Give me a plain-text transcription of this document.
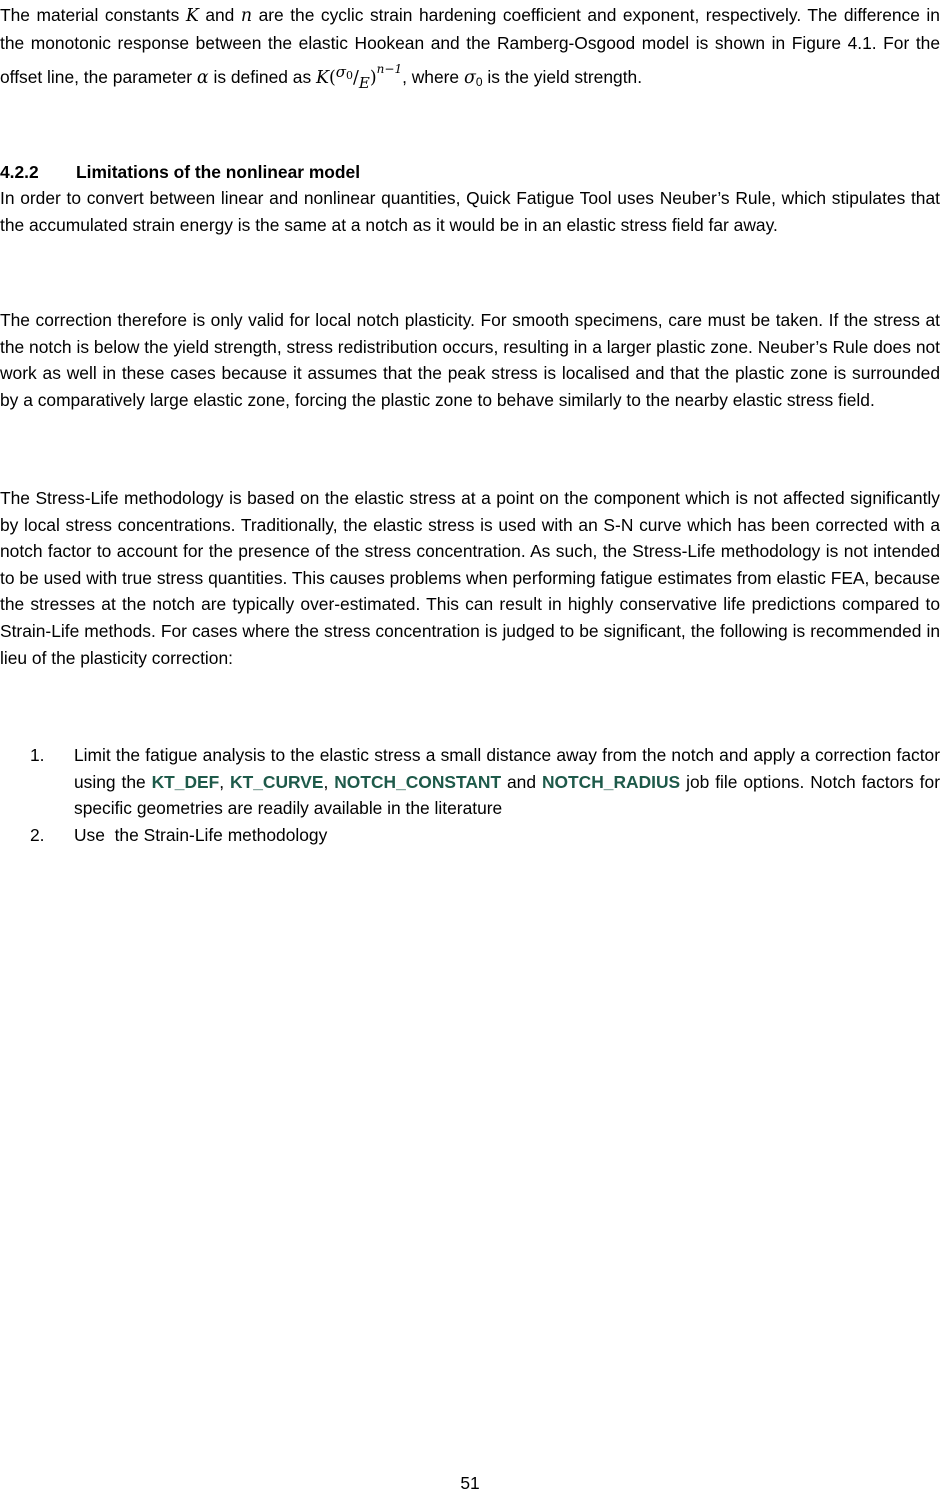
The material constants K and n are the cyclic strain hardening coefficient and exponent, respectively. The difference in the monotonic response between the elastic Hookean and the Ramberg-Osgood model is shown in Figure 4.1. For the offset line, the parameter α is defined as $K(\sigma^0/E)^{n-1}$, where $\sigma_0$ is the yield strength.

4.2.2 Limitations of the nonlinear model

In order to convert between linear and nonlinear quantities, Quick Fatigue Tool uses Neuber’s Rule, which stipulates that the accumulated strain energy is the same at a notch as it would be in an elastic stress field far away.

The correction therefore is only valid for local notch plasticity. For smooth specimens, care must be taken. If the stress at the notch is below the yield strength, stress redistribution occurs, resulting in a larger plastic zone. Neuber’s Rule does not work as well in these cases because it assumes that the peak stress is localised and that the plastic zone is surrounded by a comparatively large elastic zone, forcing the plastic zone to behave similarly to the nearby elastic stress field.

The Stress-Life methodology is based on the elastic stress at a point on the component which is not affected significantly by local stress concentrations. Traditionally, the elastic stress is used with an S-N curve which has been corrected with a notch factor to account for the presence of the stress concentration. As such, the Stress-Life methodology is not intended to be used with true stress quantities. This causes problems when performing fatigue estimates from elastic FEA, because the stresses at the notch are typically over-estimated. This can result in highly conservative life predictions compared to Strain-Life methods. For cases where the stress concentration is judged to be significant, the following is recommended in lieu of the plasticity correction:

1. Limit the fatigue analysis to the elastic stress a small distance away from the notch and apply a correction factor using the KT_DEF, KT_CURVE, NOTCH_CONSTANT and NOTCH_RADIUS job file options. Notch factors for specific geometries are readily available in the literature
2. Use  the Strain-Life methodology
51
